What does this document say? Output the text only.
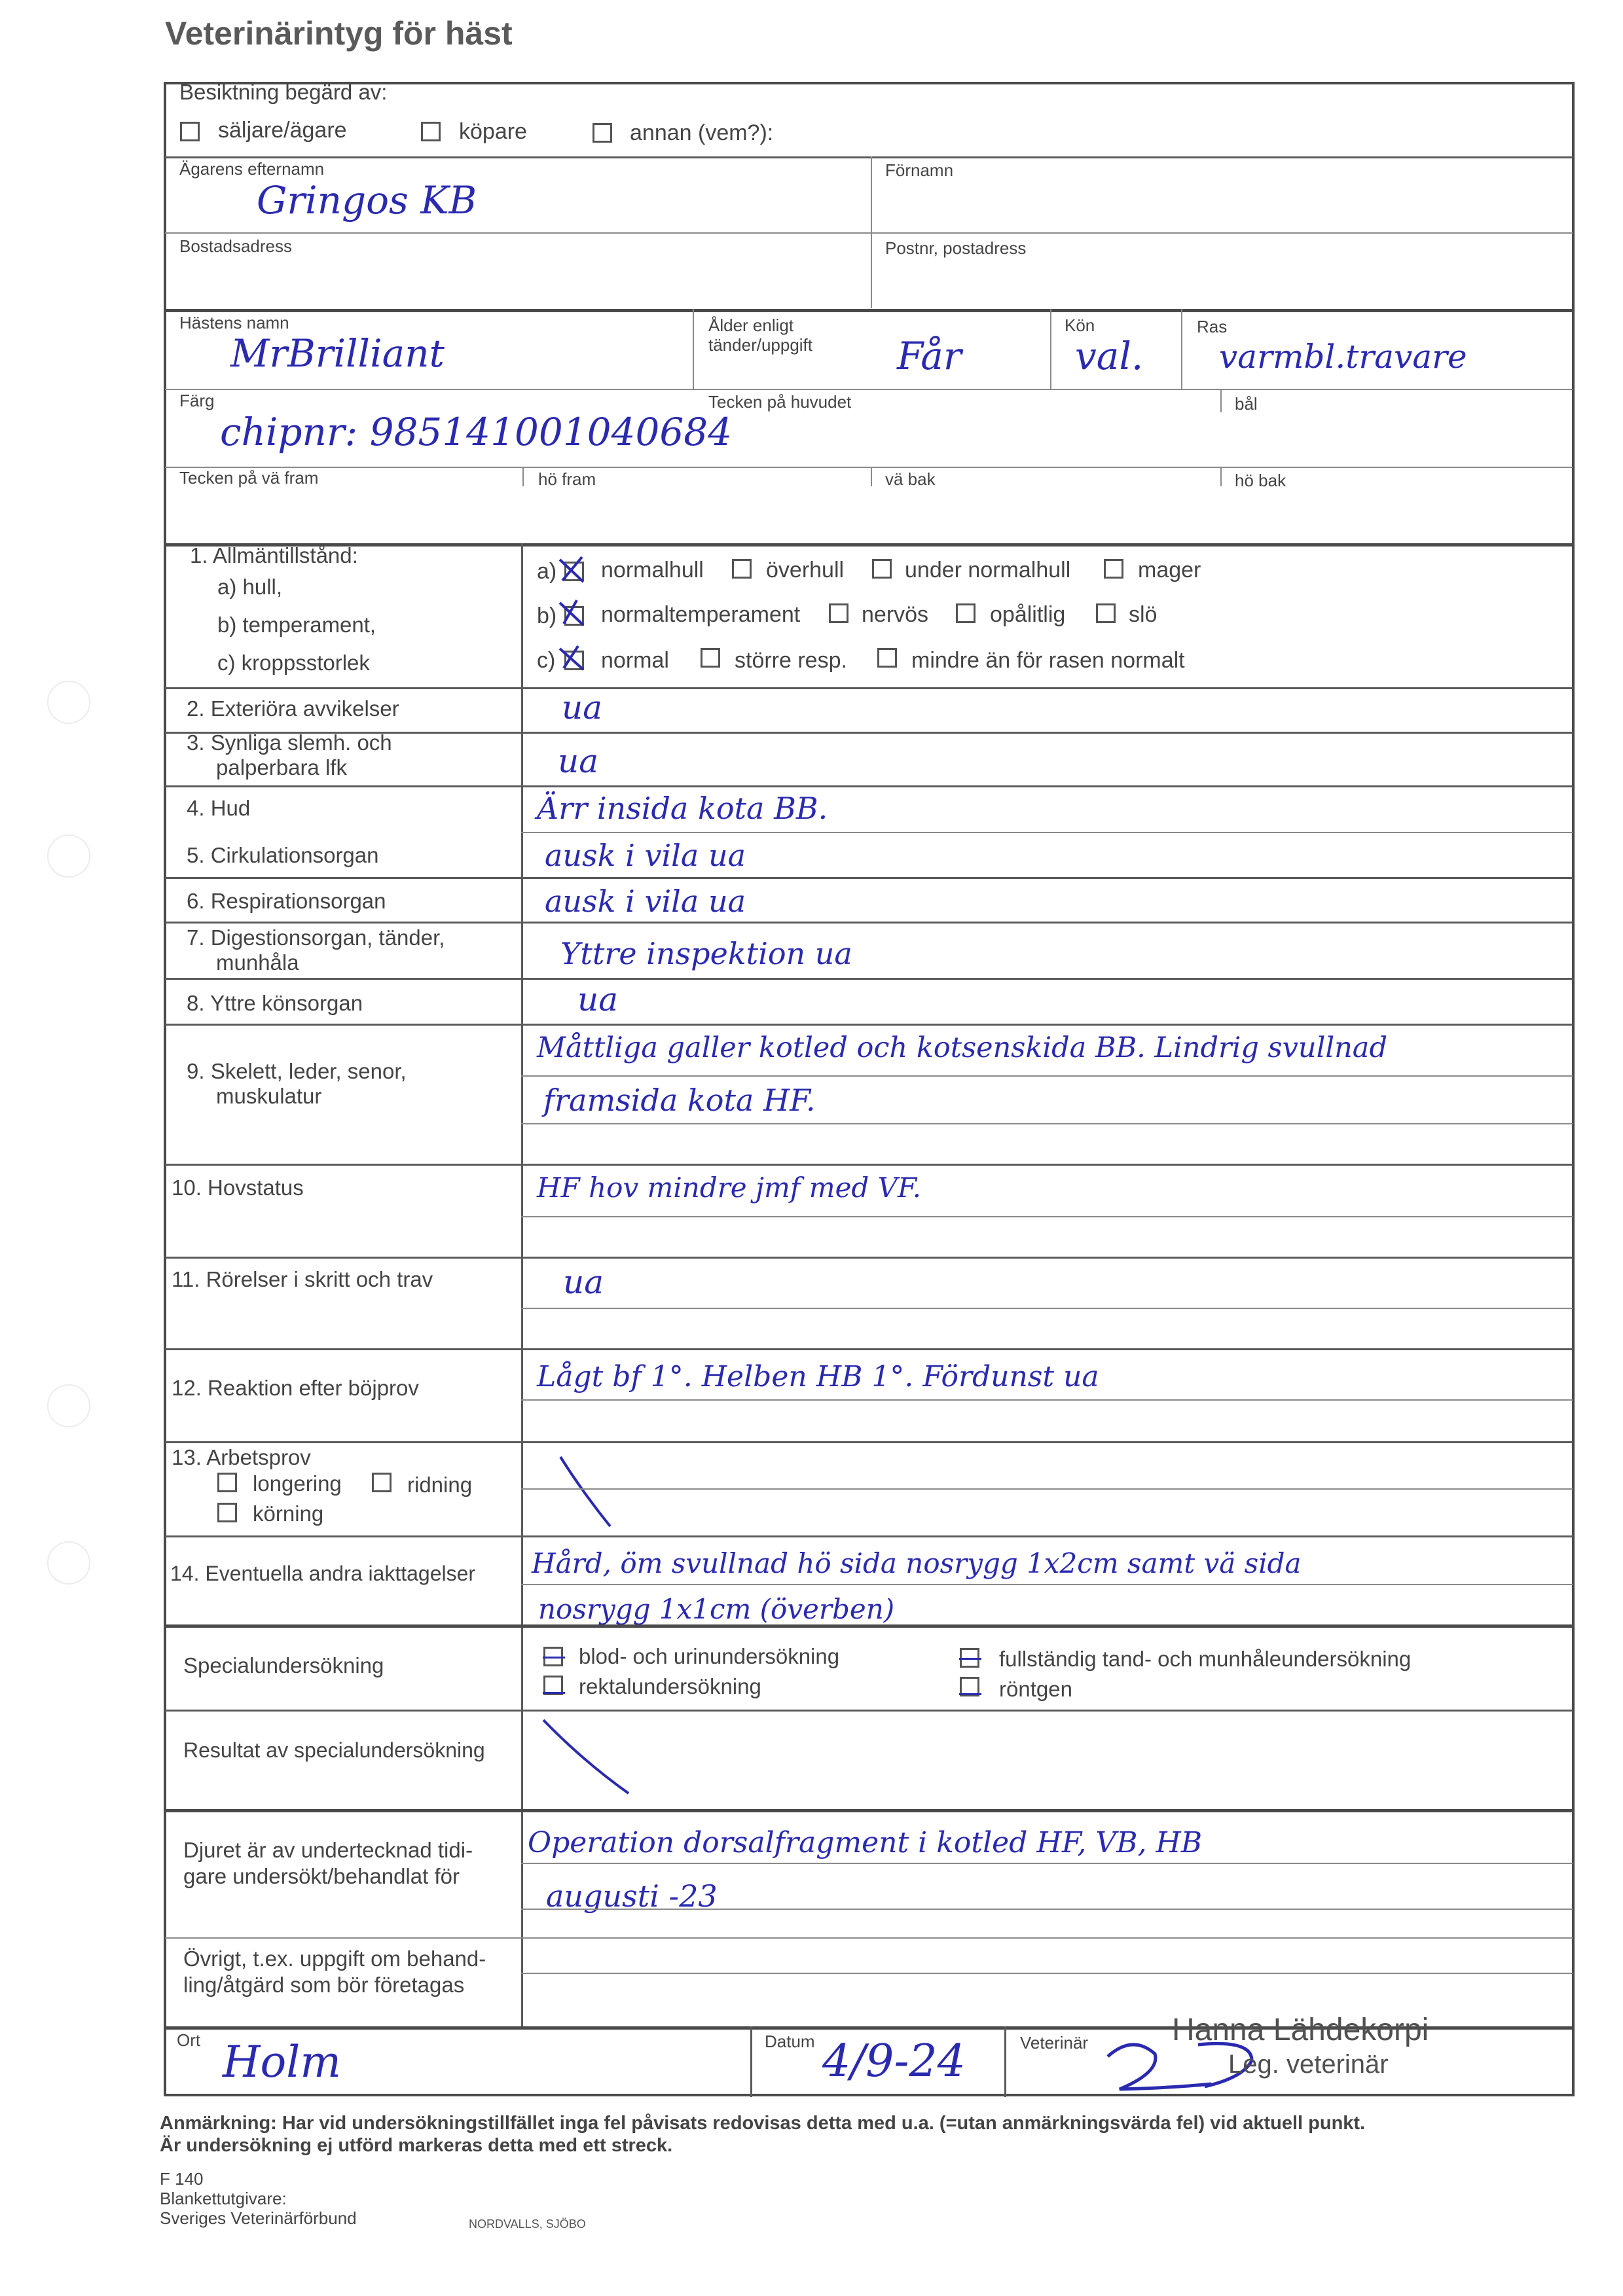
Veterinärintyg för häst
Besiktning begärd av:
säljare/ägare	köpare	annan (vem?):
Ägarens efternamn
Gringos KB
Förnamn
Bostadsadress	Postnr, postadress
Hästens namn
MrBrilliant
Ålder enligt
tänder/uppgift Får
Kön
val.
Ras
varmbl.travare
Färg
chipnr: 985141001040684
Tecken på huvudet	bål
Tecken på vä fram	hö fram	vä bak	hö bak
1. Allmäntillstånd:
a) hull,
b) temperament,
c) kroppsstorlek
a) normalhull	överhull	under normalhull	mager
b) normaltemperament	nervös	opålitlig	slö
c) normal	större resp.	mindre än för rasen normalt
2. Exteriöra avvikelser	ua
3. Synliga slemh. och
palperbara lfk	ua
4. Hud	Ärr insida kota BB.
5. Cirkulationsorgan	ausk i vila ua
6. Respirationsorgan	ausk i vila ua
7. Digestionsorgan, tänder,
munhåla	Yttre inspektion ua
8. Yttre könsorgan	ua
9. Skelett, leder, senor,
muskulatur
Måttliga galler kotled och kotsenskida BB. Lindrig svullnad
framsida kota HF.
10. Hovstatus	HF hov mindre jmf med VF.
11. Rörelser i skritt och trav	ua
12. Reaktion efter böjprov	Lågt bf 1°. Helben HB 1°. Fördunst ua
13. Arbetsprov
longering	ridning
körning
14. Eventuella andra iakttagelser Hård, öm svullnad hö sida nosrygg 1x2cm samt vä sida
nosrygg 1x1cm (överben)
Specialundersökning	blod- och urinundersökning	fullständig tand- och munhåleundersökning
rektalundersökning	röntgen
Resultat av specialundersökning
Djuret är av undertecknad tidi-
gare undersökt/behandlat för
Operation dorsalfragment i kotled HF, VB, HB
augusti -23
Övrigt, t.ex. uppgift om behand-
ling/åtgärd som bör företagas
Ort Holm	Datum 4/9-24	Veterinär	Hanna Lähdekorpi
Leg. veterinär
Anmärkning: Har vid undersökningstillfället inga fel påvisats redovisas detta med u.a. (=utan anmärkningsvärda fel) vid aktuell punkt.
Är undersökning ej utförd markeras detta med ett streck.
F 140
Blankettutgivare:
Sveriges Veterinärförbund	NORDVALLS, SJÖBO
